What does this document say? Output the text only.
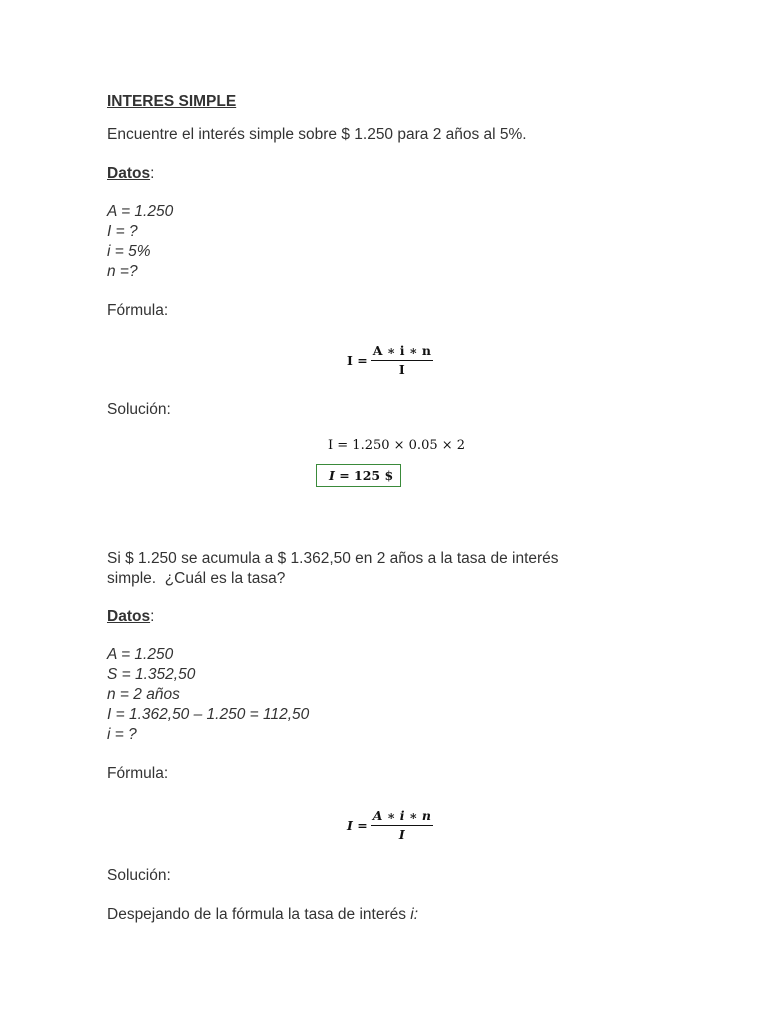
INTERES SIMPLE
Encuentre el interés simple sobre $ 1.250 para 2 años al 5%.
Datos:
A = 1.250
I = ?
i = 5%
n =?
Fórmula:
$I = \frac{A ∗ i ∗ n}{I}$
Solución:
I = 1.250 × 0.05 × 2
I = 125 $
Si $ 1.250 se acumula a $ 1.362,50 en 2 años a la tasa de interés
simple.  ¿Cuál es la tasa?
Datos:
A = 1.250
S = 1.352,50
n = 2 años
I = 1.362,50 – 1.250 = 112,50
i = ?
Fórmula:
$I = \frac{A ∗ i ∗ n}{I}$
Solución:
Despejando de la fórmula la tasa de interés i:
